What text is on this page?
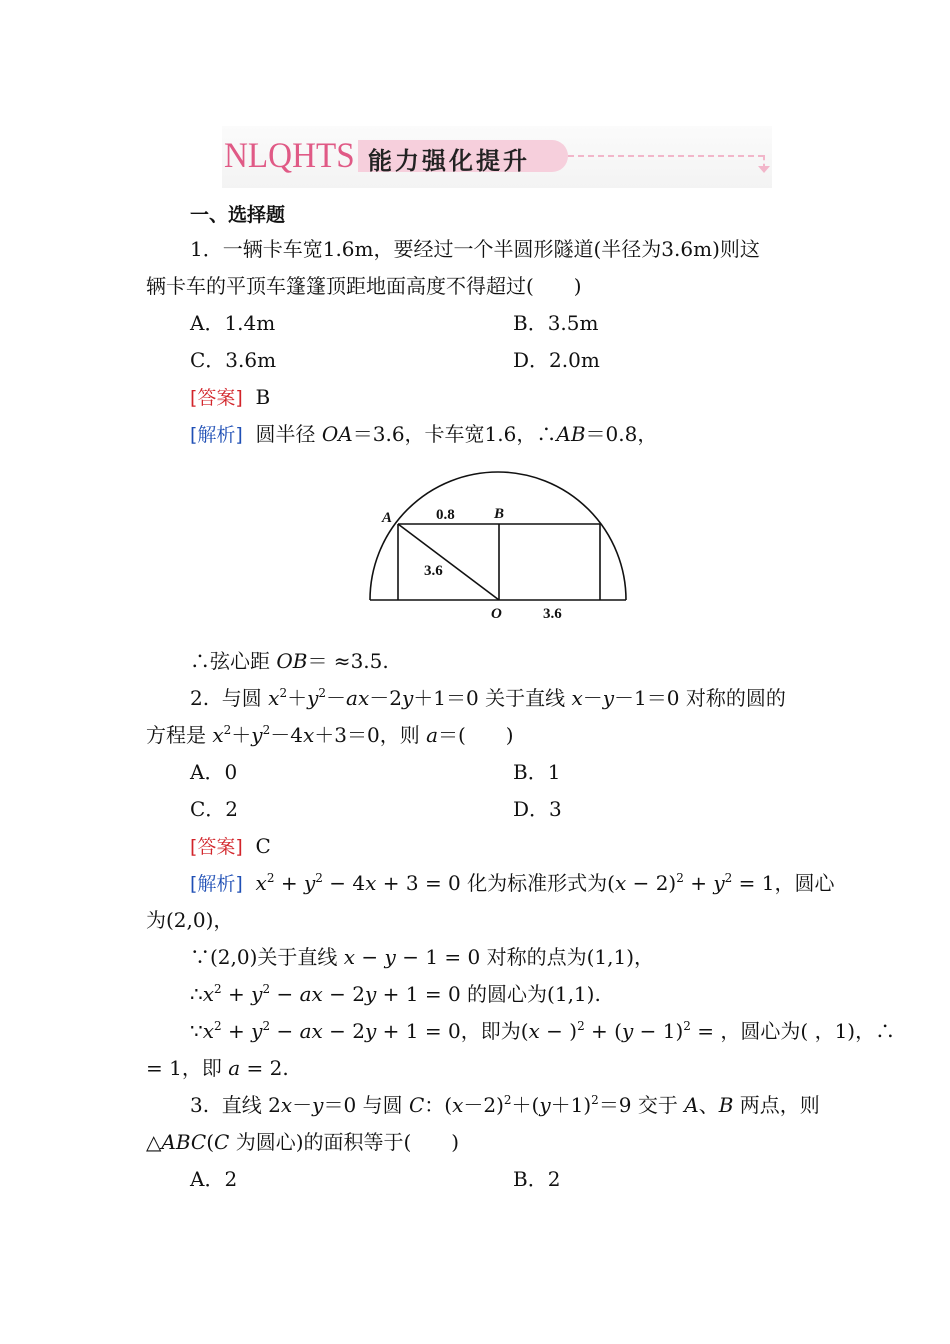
NLQHTS 能力强化提升
一、选择题
1．一辆卡车宽1.6m，要经过一个半圆形隧道(半径为3.6m)则这
辆卡车的平顶车篷篷顶距地面高度不得超过(　　)
A．1.4m	B．3.5m
C．3.6m	D．2.0m
[答案] B
[解析] 圆半径 OA＝3.6，卡车宽1.6，∴AB＝0.8，
A	B
O
0.8
3.6
3.6
∴弦心距 OB＝ ≈3.5.
2.  与圆 $x^2+y^2-ax-2y+1=0$ 关于直线 x－y－1＝0 对称的圆的
方程是 $x^2+y^2-4x+3=0$，则 a＝(　　)
A．0	B．1
C．2	D．3
[答案] C
[解析] $x^2 + y^2 - 4x + 3 = 0$ 化为标准形式为$(x - 2)^2 + y^2 = 1$，圆心
为(2,0)，
∵(2,0)关于直线 x − y − 1 = 0 对称的点为(1,1)，
$\therefore x^2 + y^2$ − ax − 2y + 1 = 0 的圆心为(1,1).
$\because x^2 + y^2$ − ax − 2y + 1 = 0，即为$(x - )^2 + (y - 1)^2$ = ，圆心为( ，1)，∴
= 1，即 a = 2.
3.  直线 2x－y＝0 与圆 C：$(x-2)^2+(y+1)^2=9$ 交于 A、B 两点，则
△ABC(C 为圆心)的面积等于(　　)
A．2	B．2
